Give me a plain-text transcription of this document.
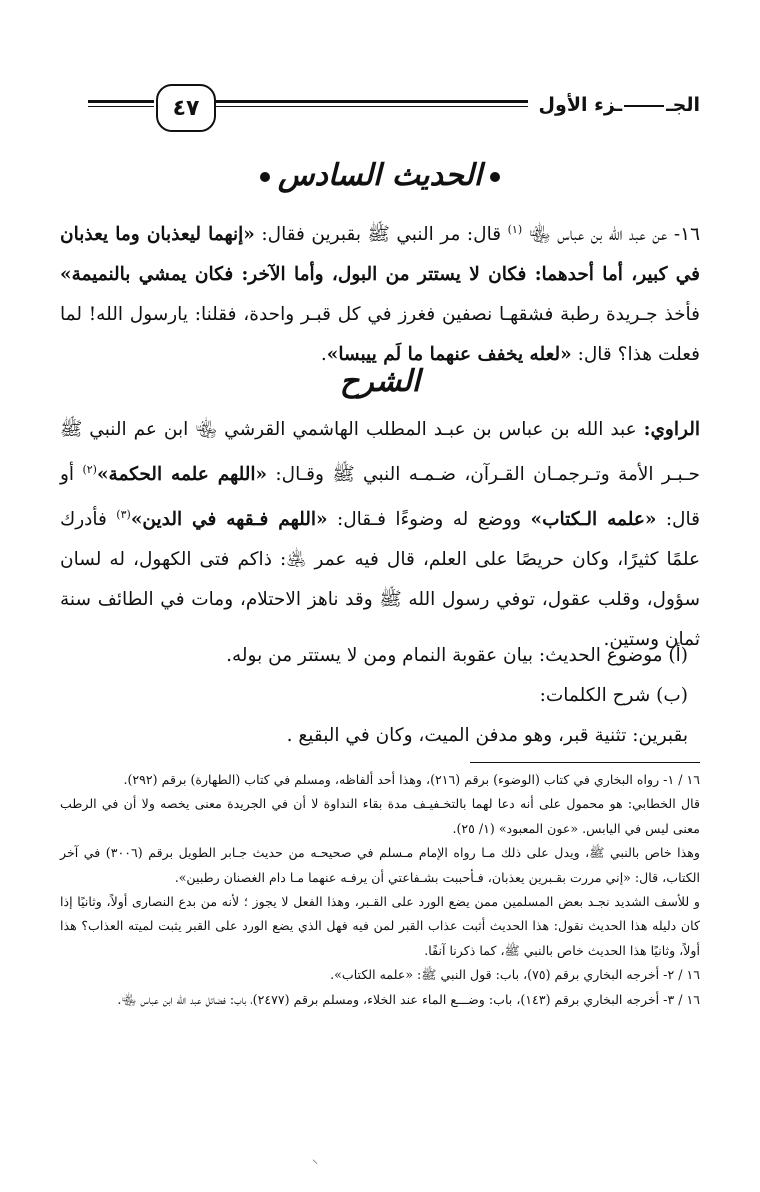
الجــزء الأول
٤٧
الحديث السادس
١٦- عن عبد الله بن عباس ﵄ $^{(١)}$ قال: مر النبي ﷺ بقبرين فقال: «إنهما ليعذبان وما يعذبان في كبير، أما أحدهما: فكان لا يستتر من البول، وأما الآخر: فكان يمشي بالنميمة» فأخذ جـريدة رطبة فشقهـا نصفين فغرز في كل قبـر واحدة، فقلنا: يارسول الله! لما فعلت هذا؟ قال: «لعله يخفف عنهما ما لَم ييبسا».
الشرح
الراوي: عبد الله بن عباس بن عبـد المطلب الهاشمي القرشي ﵄ ابن عم النبي ﷺ حـبـر الأمة وتـرجمـان القـرآن، ضـمـه النبي ﷺ وقـال: «اللهم علمه الحكمة»$^{(٢)}$ أو قال: «علمه الـكتاب» ووضع له وضوءًا فـقال: «اللهم فـقهه في الدين»$^{(٣)}$ فأدرك علمًا كثيرًا، وكان حريصًا على العلم، قال فيه عمر ﵁: ذاكم فتى الكهول، له لسان سؤول، وقلب عقول، توفي رسول الله ﷺ وقد ناهز الاحتلام، ومات في الطائف سنة ثمان وستين.
(أ) موضوع الحديث: بيان عقوبة النمام ومن لا يستتر من بوله.
(ب) شرح الكلمات:
بقبرين: تثنية قبر، وهو مدفن الميت، وكان في البقيع .

١٦ / ١- رواه البخاري في كتاب (الوضوء) برقم (٢١٦)، وهذا أحد ألفاظه، ومسلم في كتاب (الطهارة) برقم (٢٩٢).

قال الخطابي: هو محمول على أنه دعا لهما بالتخـفيـف مدة بقاء النداوة لا أن في الجريدة معنى يخصه ولا أن في الرطب معنى ليس في اليابس. «عون المعبود» (١/ ٢٥).

وهذا خاص بالنبي ﷺ، ويدل على ذلك مـا رواه الإمام مـسلم في صحيحـه من حديث جـابر الطويل برقم (٣٠٠٦) في آخر الكتاب، قال: «إني مررت بقـبرين يعذبان، فـأحببت بشـفاعتي أن يرفـه عنهما مـا دام الغصنان رطبين».

و للأسف الشديد نجـد بعض المسلمين ممن يضع الورد على القـبر، وهذا الفعل لا يجوز ؛ لأنه من بدع النصارى أولاً، وثانيًا إذا كان دليله هذا الحديث نقول: هذا الحديث أثبت عذاب القبر لمن فيه فهل الذي يضع الورد على القبر يثبت لميته العذاب؟ هذا أولاً، وثانيًا هذا الحديث خاص بالنبي ﷺ، كما ذكرنا آنفًا.

١٦ / ٢- أخرجه البخاري برقم (٧٥)، باب: قول النبي ﷺ: «علمه الكتاب».

١٦ / ٣- أخرجه البخاري برقم (١٤٣)، باب: وضـــع الماء عند الخلاء، ومسلم برقم (٢٤٧٧)، باب: فضائل عبد الله ابن عباس ﵄.

⸝
